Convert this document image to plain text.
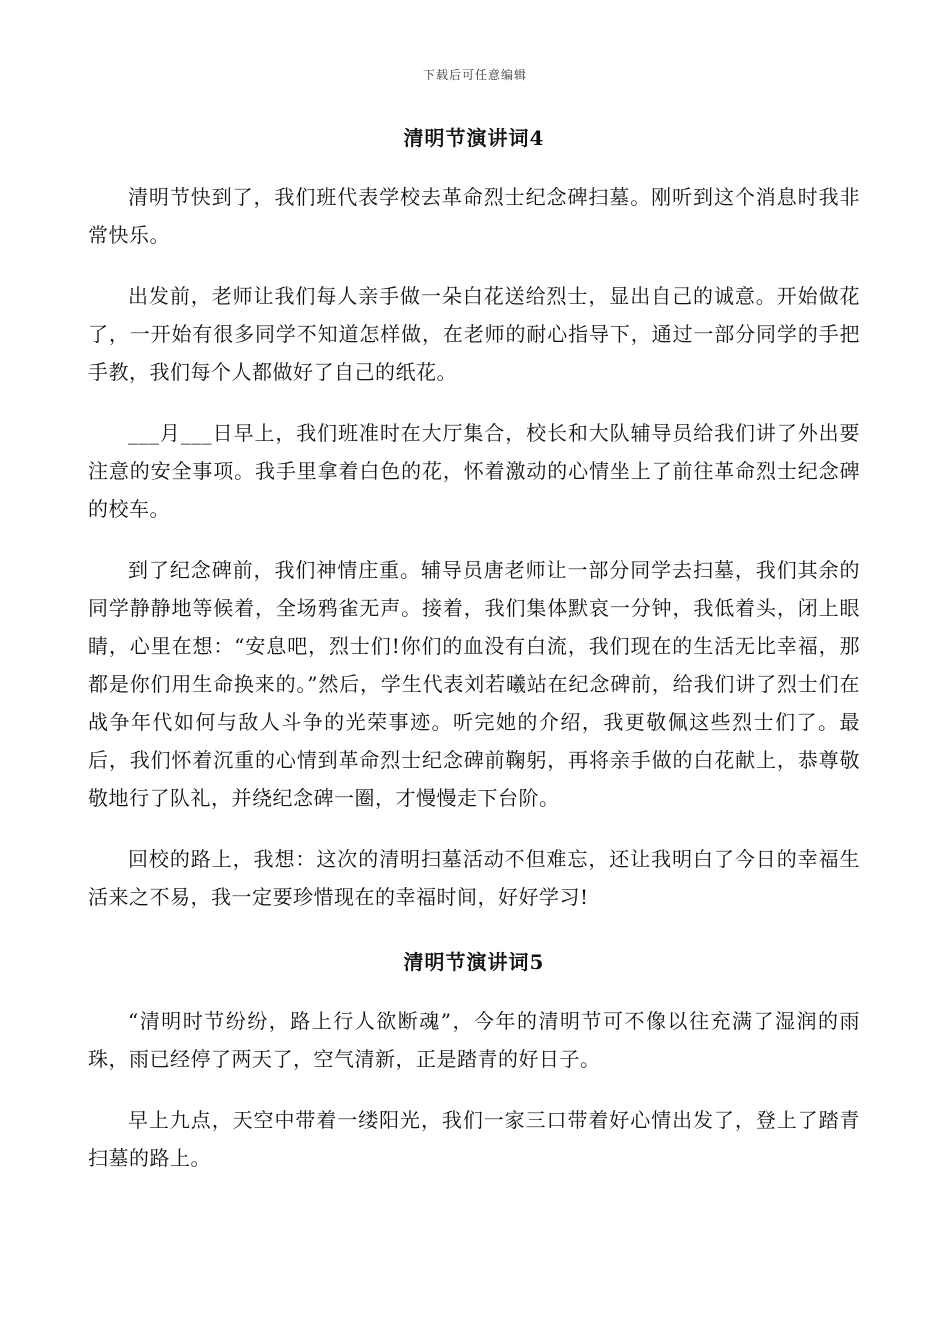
下载后可任意编辑
清明节演讲词4

清明节快到了，我们班代表学校去革命烈士纪念碑扫墓。刚听到这个消息时我非常快乐。

出发前，老师让我们每人亲手做一朵白花送给烈士，显出自己的诚意。开始做花了，一开始有很多同学不知道怎样做，在老师的耐心指导下，通过一部分同学的手把手教，我们每个人都做好了自己的纸花。

___月___日早上，我们班准时在大厅集合，校长和大队辅导员给我们讲了外出要注意的安全事项。我手里拿着白色的花，怀着激动的心情坐上了前往革命烈士纪念碑的校车。

到了纪念碑前，我们神情庄重。辅导员唐老师让一部分同学去扫墓，我们其余的同学静静地等候着，全场鸦雀无声。接着，我们集体默哀一分钟，我低着头，闭上眼睛，心里在想：“安息吧，烈士们!你们的血没有白流，我们现在的生活无比幸福，那都是你们用生命换来的。”然后，学生代表刘若曦站在纪念碑前，给我们讲了烈士们在战争年代如何与敌人斗争的光荣事迹。听完她的介绍，我更敬佩这些烈士们了。最后，我们怀着沉重的心情到革命烈士纪念碑前鞠躬，再将亲手做的白花献上，恭尊敬敬地行了队礼，并绕纪念碑一圈，才慢慢走下台阶。

回校的路上，我想：这次的清明扫墓活动不但难忘，还让我明白了今日的幸福生活来之不易，我一定要珍惜现在的幸福时间，好好学习!

清明节演讲词5

“清明时节纷纷，路上行人欲断魂”，今年的清明节可不像以往充满了湿润的雨珠，雨已经停了两天了，空气清新，正是踏青的好日子。

早上九点，天空中带着一缕阳光，我们一家三口带着好心情出发了，登上了踏青扫墓的路上。
